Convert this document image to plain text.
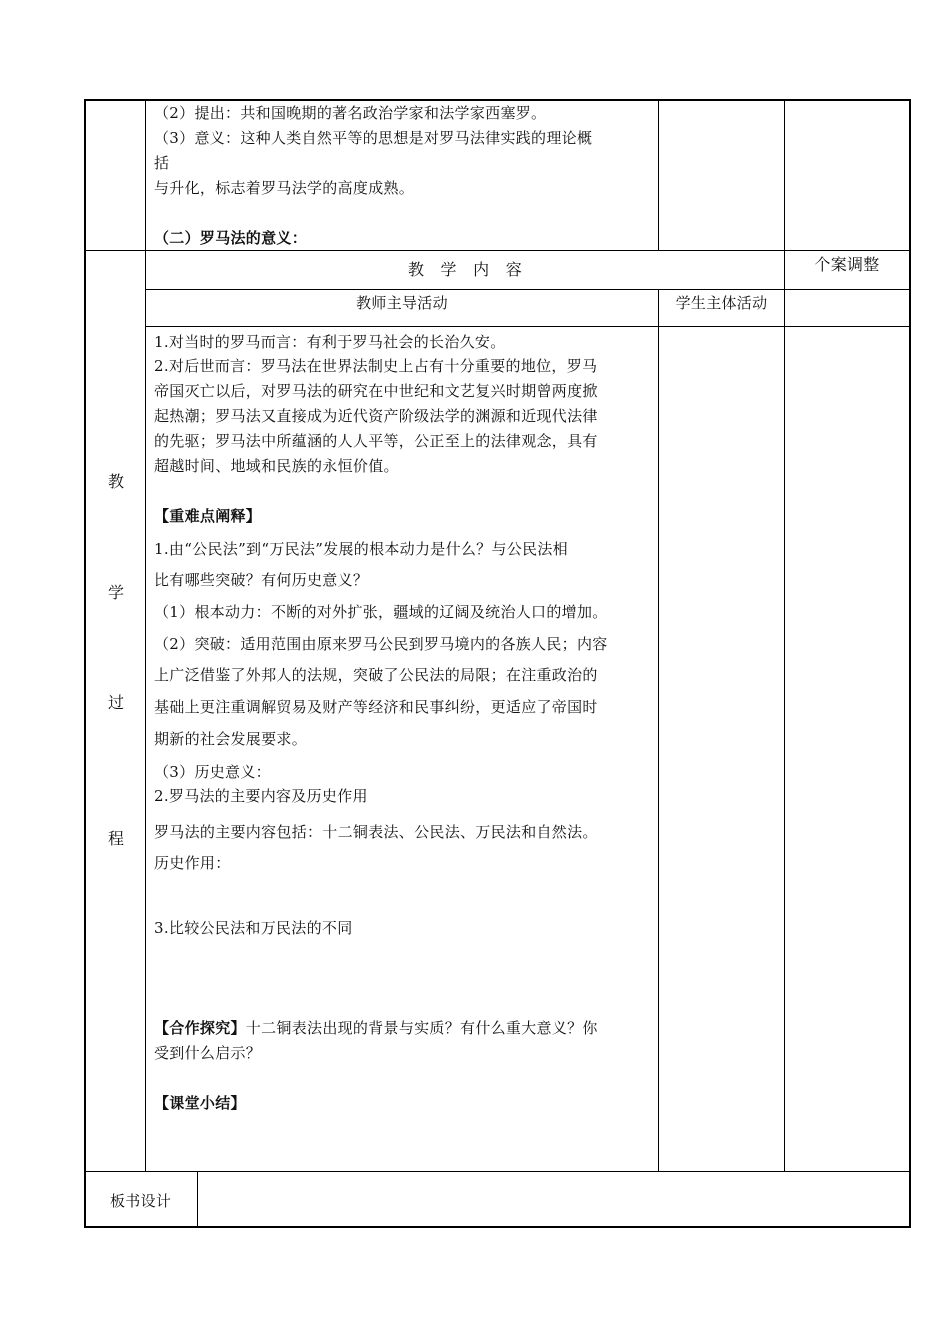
（2）提出：共和国晚期的著名政治学家和法学家西塞罗。
（3）意义：这种人类自然平等的思想是对罗马法律实践的理论概
括
与升化，标志着罗马法学的高度成熟。
（二）罗马法的意义：
教　学　内　容	个案调整
教师主导活动	学生主体活动
教
学
过
程
1.对当时的罗马而言：有利于罗马社会的长治久安。
2.对后世而言：罗马法在世界法制史上占有十分重要的地位，罗马
帝国灭亡以后，对罗马法的研究在中世纪和文艺复兴时期曾两度掀
起热潮；罗马法又直接成为近代资产阶级法学的渊源和近现代法律
的先驱；罗马法中所蕴涵的人人平等，公正至上的法律观念，具有
超越时间、地域和民族的永恒价值。
【重难点阐释】
1.由“公民法”到“万民法”发展的根本动力是什么？与公民法相
比有哪些突破？有何历史意义？
（1）根本动力：不断的对外扩张，疆域的辽阔及统治人口的增加。
（2）突破：适用范围由原来罗马公民到罗马境内的各族人民；内容
上广泛借鉴了外邦人的法规，突破了公民法的局限；在注重政治的
基础上更注重调解贸易及财产等经济和民事纠纷，更适应了帝国时
期新的社会发展要求。
（3）历史意义：
2.罗马法的主要内容及历史作用
罗马法的主要内容包括：十二铜表法、公民法、万民法和自然法。
历史作用：
3.比较公民法和万民法的不同
【合作探究】十二铜表法出现的背景与实质？有什么重大意义？你
受到什么启示？
【课堂小结】
板书设计
